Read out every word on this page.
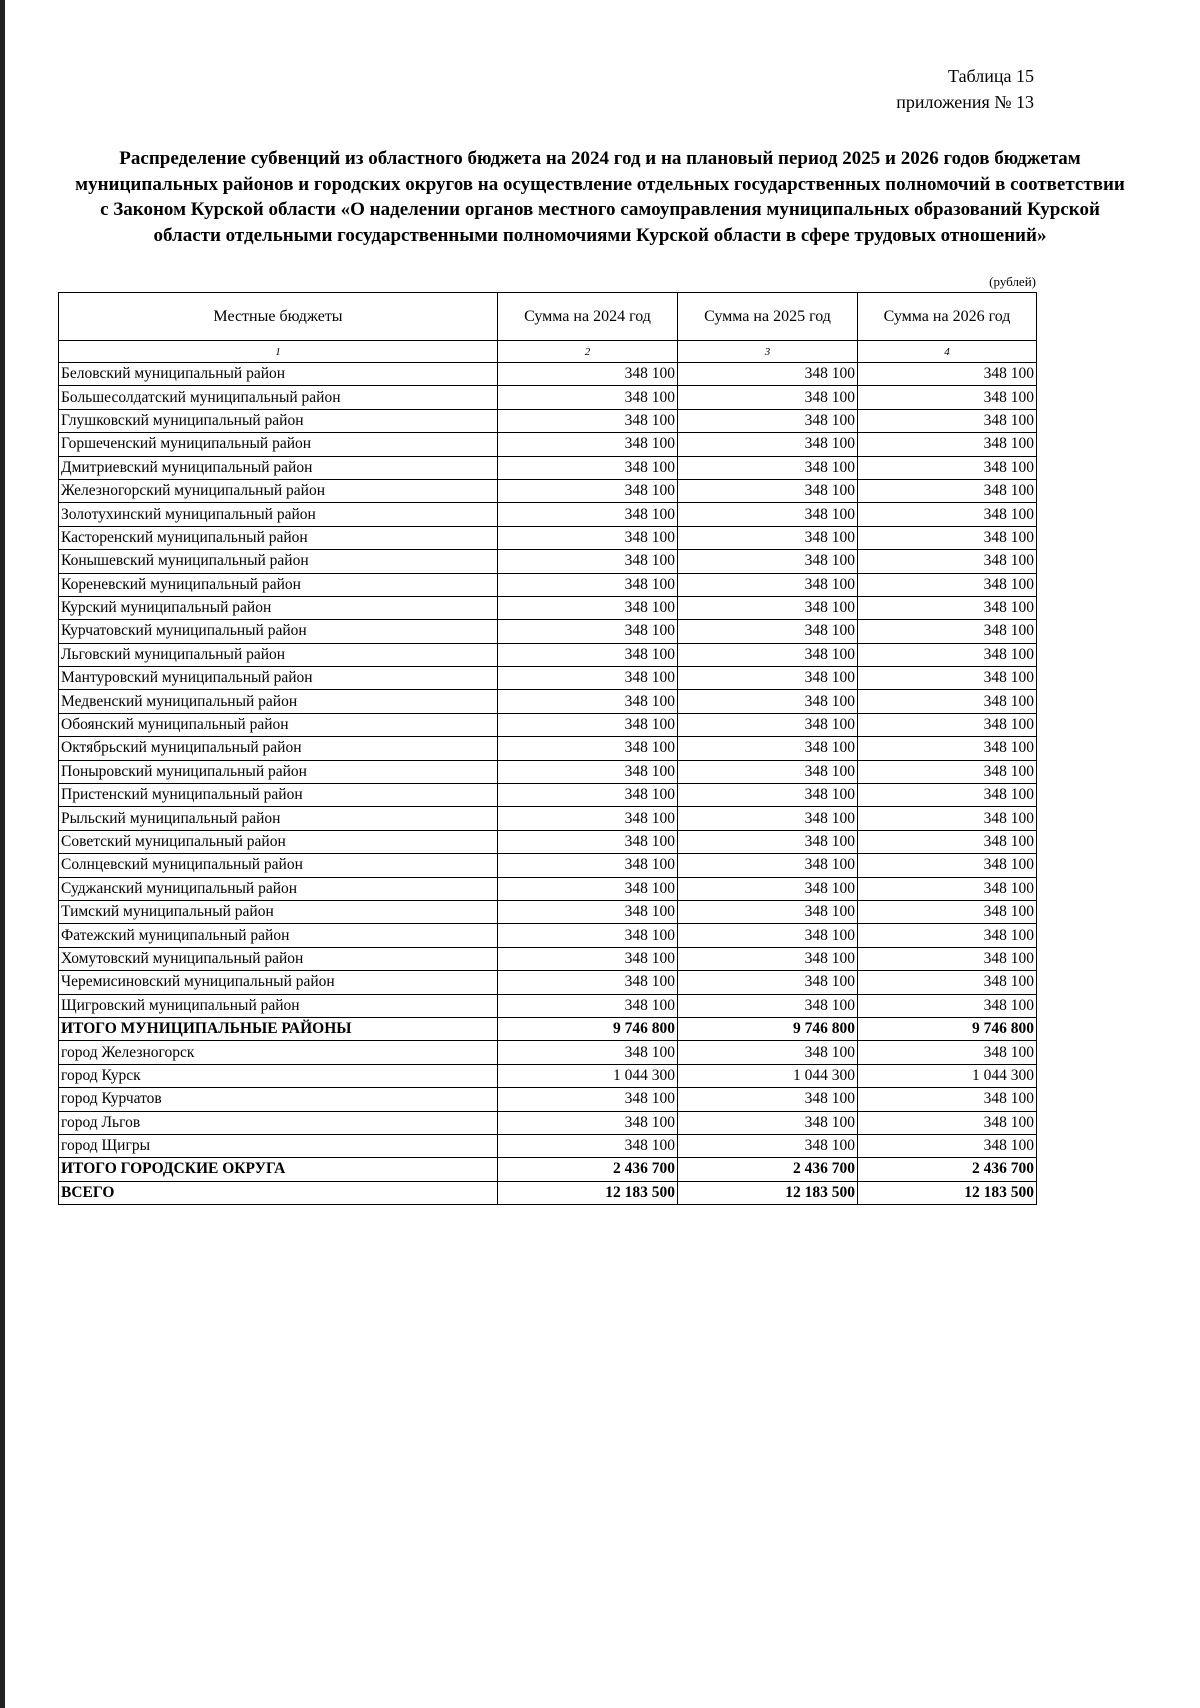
Таблица 15
приложения № 13
Распределение субвенций из областного бюджета на 2024 год и на плановый период 2025 и 2026 годов бюджетам муниципальных районов и городских округов на осуществление отдельных государственных полномочий в соответствии с Законом Курской области «О наделении органов местного самоуправления муниципальных образований Курской области отдельными государственными полномочиями Курской области в сфере трудовых отношений»
(рублей)
Местные бюджеты	Сумма на 2024 год	Сумма на 2025 год	Сумма на 2026 год
1	2	3	4
Беловский муниципальный район	348 100	348 100	348 100
Большесолдатский муниципальный район	348 100	348 100	348 100
Глушковский муниципальный район	348 100	348 100	348 100
Горшеченский муниципальный район	348 100	348 100	348 100
Дмитриевский муниципальный район	348 100	348 100	348 100
Железногорский муниципальный район	348 100	348 100	348 100
Золотухинский муниципальный район	348 100	348 100	348 100
Касторенский муниципальный район	348 100	348 100	348 100
Конышевский муниципальный район	348 100	348 100	348 100
Кореневский муниципальный район	348 100	348 100	348 100
Курский муниципальный район	348 100	348 100	348 100
Курчатовский муниципальный район	348 100	348 100	348 100
Льговский муниципальный район	348 100	348 100	348 100
Мантуровский муниципальный район	348 100	348 100	348 100
Медвенский муниципальный район	348 100	348 100	348 100
Обоянский муниципальный район	348 100	348 100	348 100
Октябрьский муниципальный район	348 100	348 100	348 100
Поныровский муниципальный район	348 100	348 100	348 100
Пристенский муниципальный район	348 100	348 100	348 100
Рыльский муниципальный район	348 100	348 100	348 100
Советский муниципальный район	348 100	348 100	348 100
Солнцевский муниципальный район	348 100	348 100	348 100
Суджанский муниципальный район	348 100	348 100	348 100
Тимский муниципальный район	348 100	348 100	348 100
Фатежский муниципальный район	348 100	348 100	348 100
Хомутовский муниципальный район	348 100	348 100	348 100
Черемисиновский муниципальный район	348 100	348 100	348 100
Щигровский муниципальный район	348 100	348 100	348 100
ИТОГО МУНИЦИПАЛЬНЫЕ РАЙОНЫ	9 746 800	9 746 800	9 746 800
город Железногорск	348 100	348 100	348 100
город Курск	1 044 300	1 044 300	1 044 300
город Курчатов	348 100	348 100	348 100
город Льгов	348 100	348 100	348 100
город Щигры	348 100	348 100	348 100
ИТОГО ГОРОДСКИЕ ОКРУГА	2 436 700	2 436 700	2 436 700
ВСЕГО	12 183 500	12 183 500	12 183 500
